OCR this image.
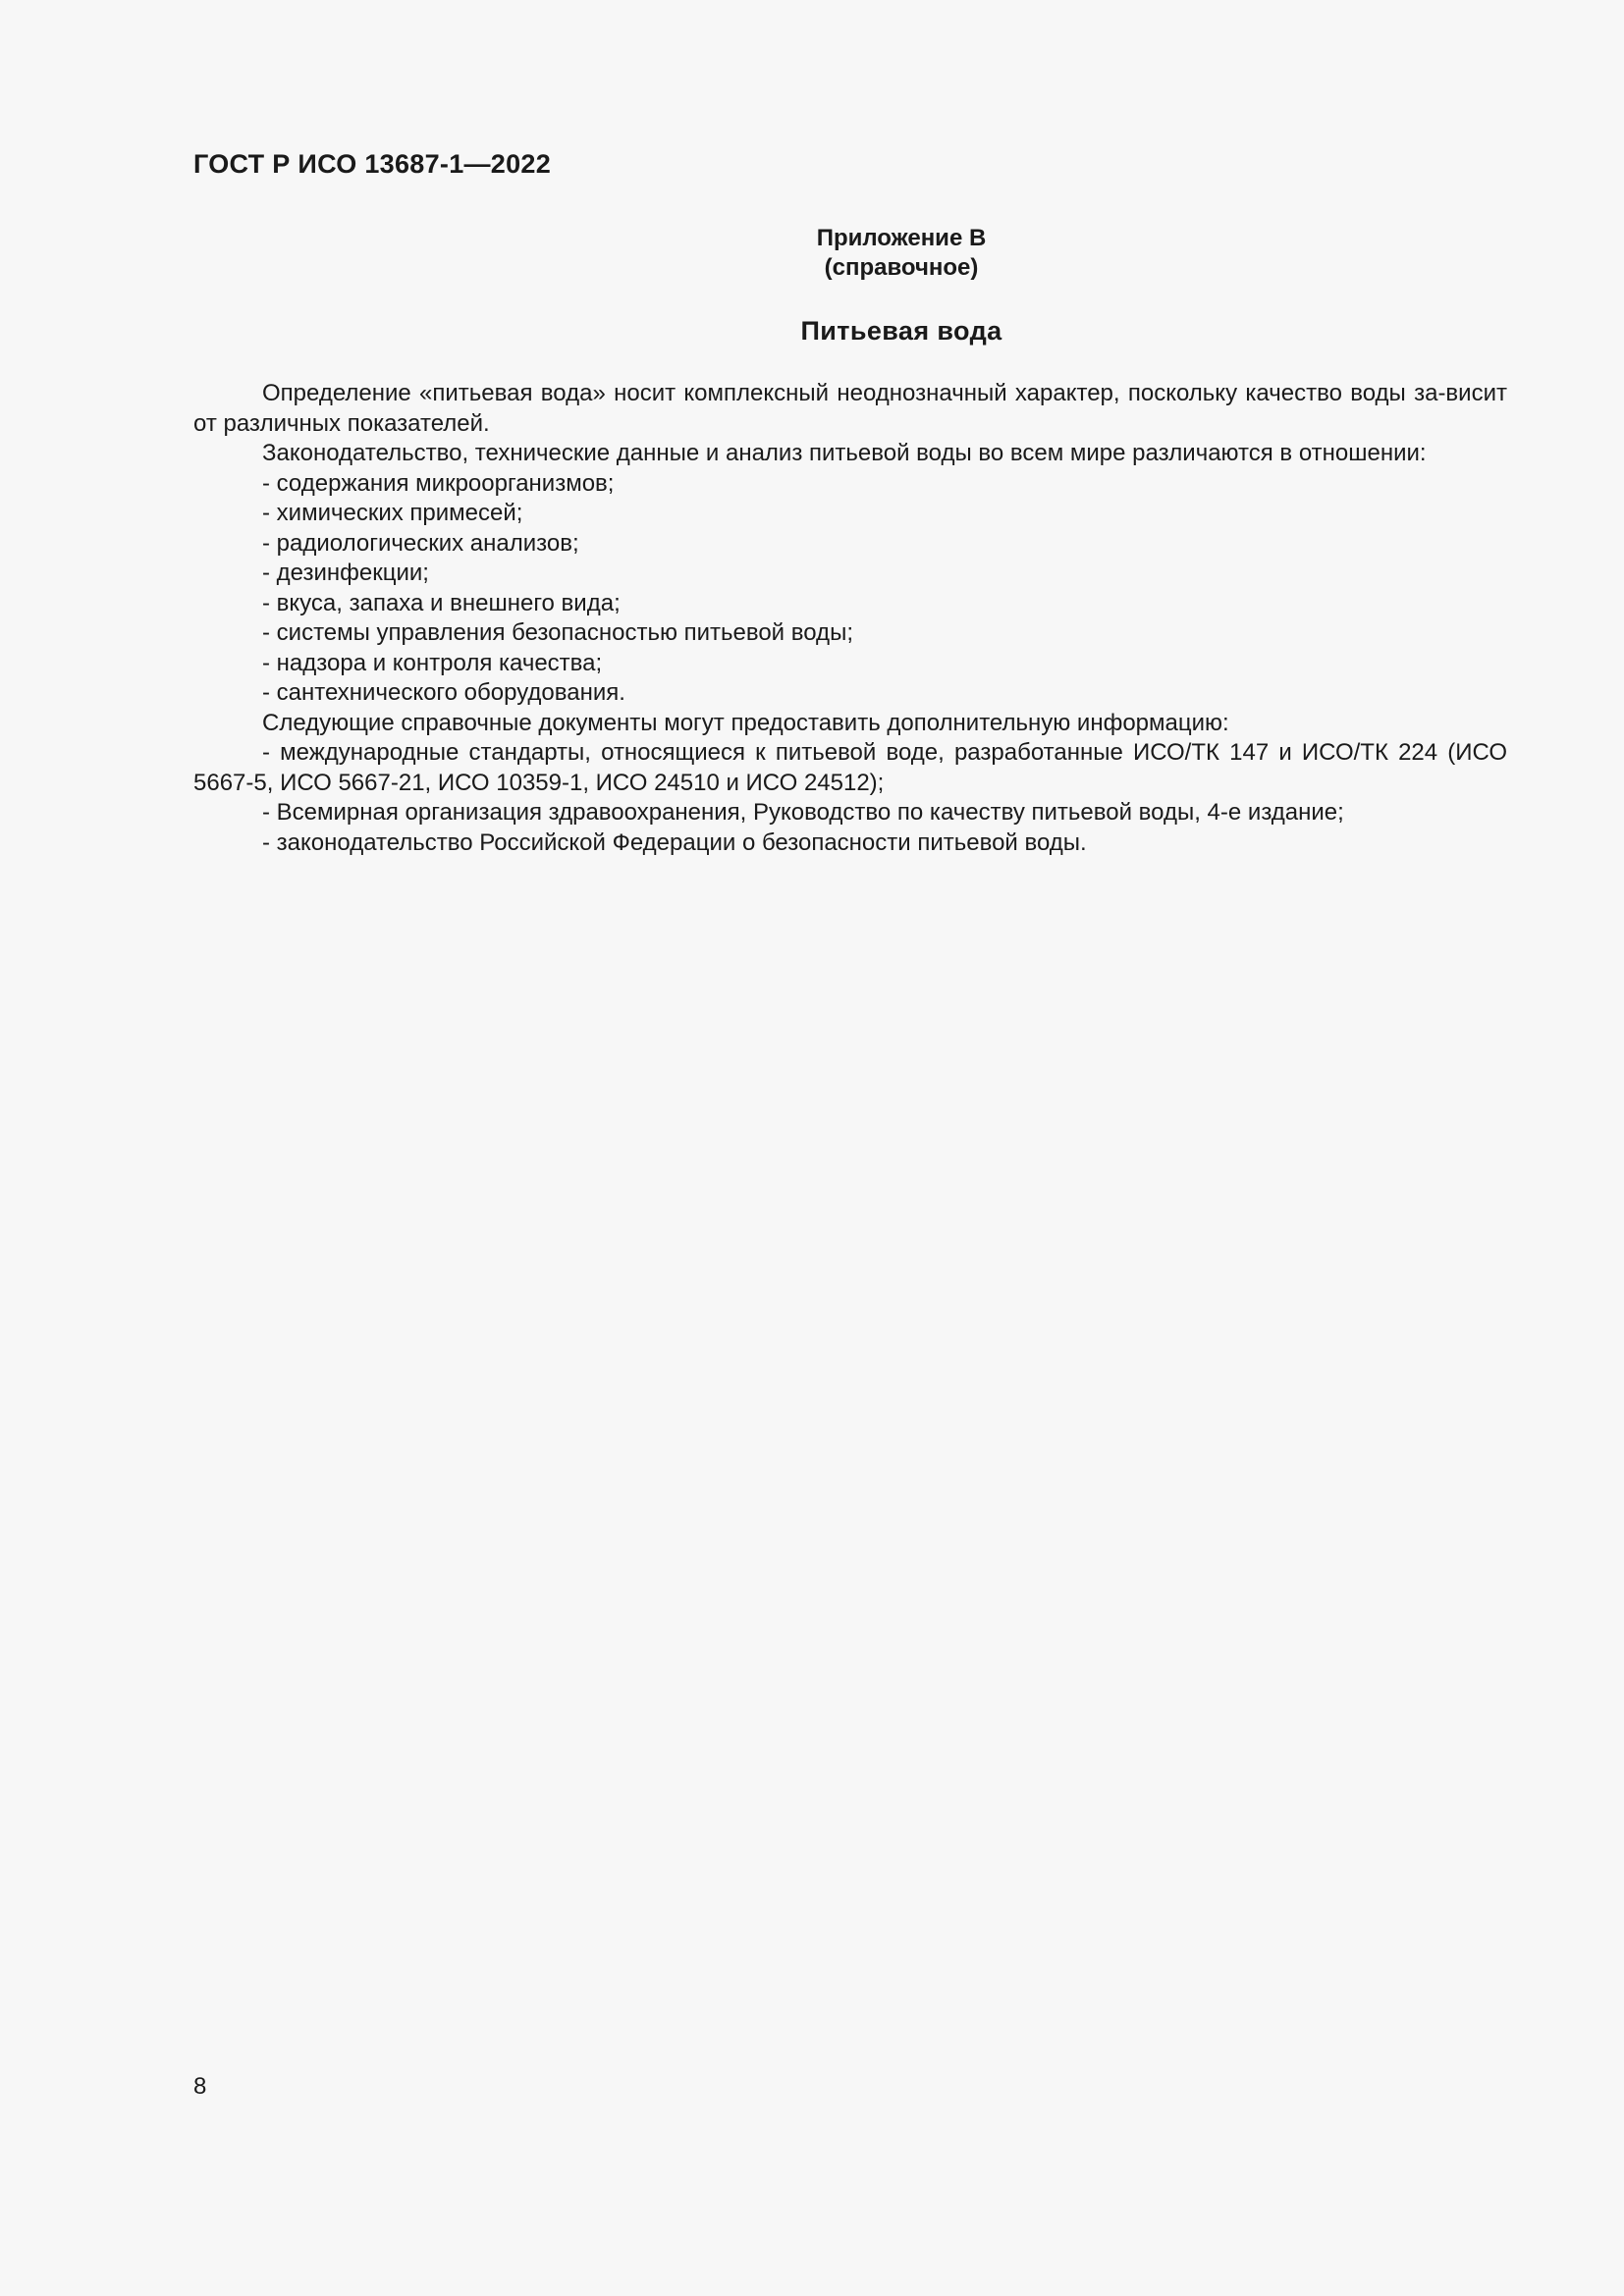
ГОСТ Р ИСО 13687-1—2022
Приложение В
(справочное)
Питьевая вода

Определение «питьевая вода» носит комплексный неоднозначный характер, поскольку качество воды за-висит от различных показателей.

Законодательство, технические данные и анализ питьевой воды во всем мире различаются в отношении:

- содержания микроорганизмов;

- химических примесей;

- радиологических анализов;

- дезинфекции;

- вкуса, запаха и внешнего вида;

- системы управления безопасностью питьевой воды;

- надзора и контроля качества;

- сантехнического оборудования.

Следующие справочные документы могут предоставить дополнительную информацию:

- международные стандарты, относящиеся к питьевой воде, разработанные ИСО/ТК 147 и ИСО/ТК 224 (ИСО 5667-5, ИСО 5667-21, ИСО 10359-1, ИСО 24510 и ИСО 24512);

- Всемирная организация здравоохранения, Руководство по качеству питьевой воды, 4-е издание;

- законодательство Российской Федерации о безопасности питьевой воды.

8
